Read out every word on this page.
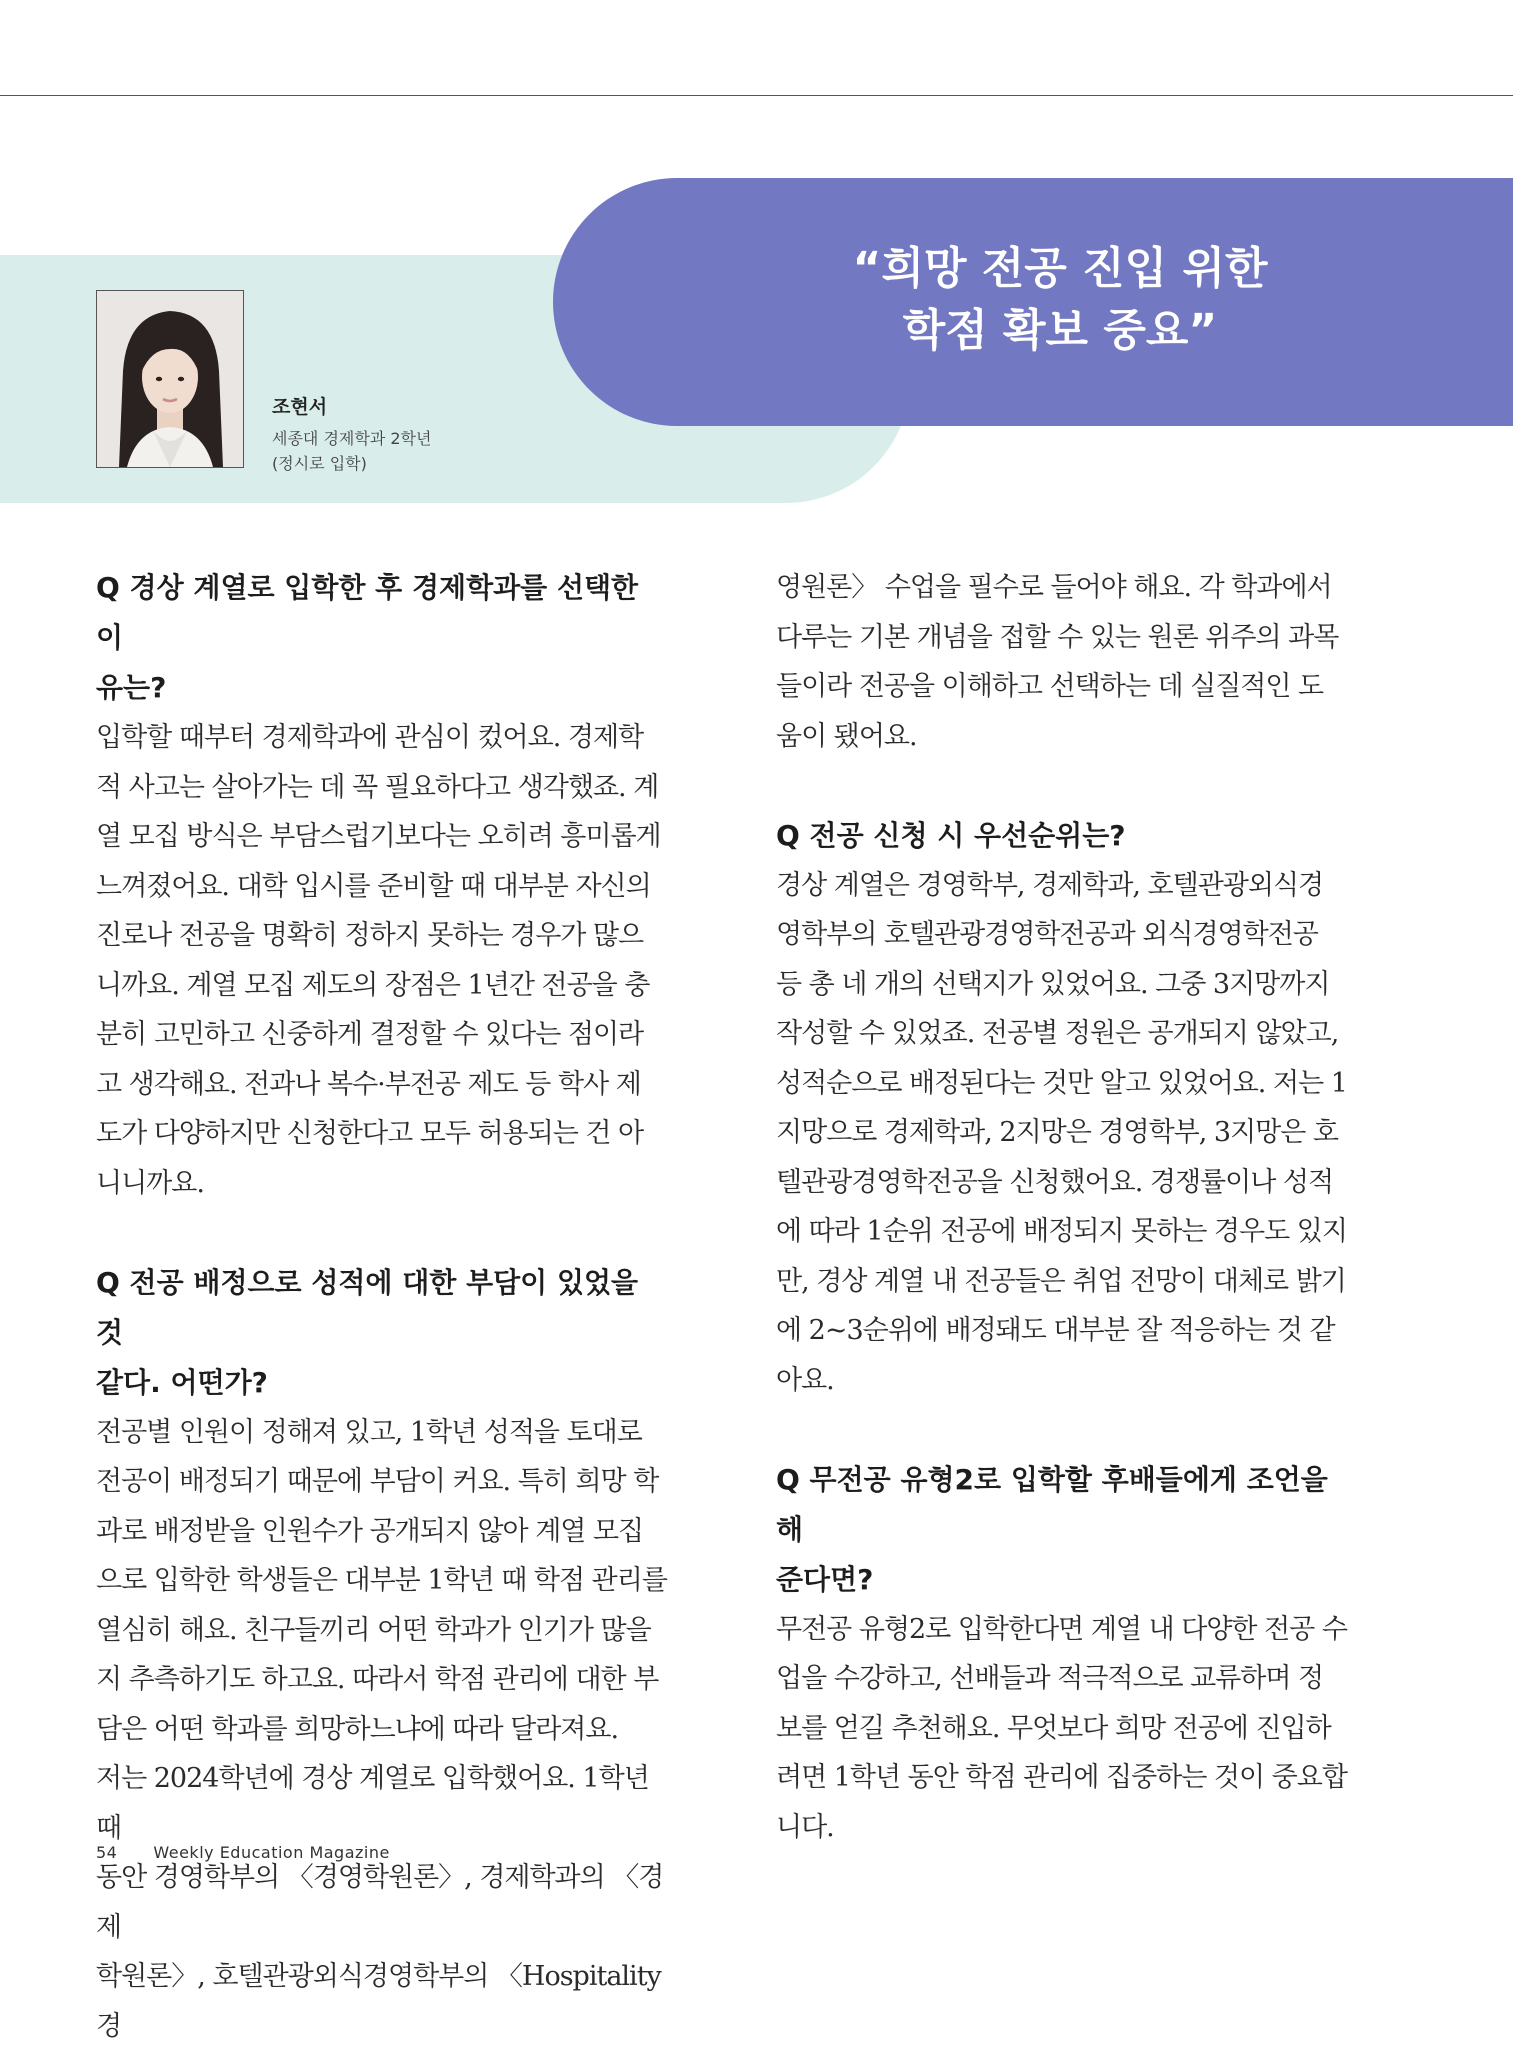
“희망 전공 진입 위한
학점 확보 중요”
조현서
세종대 경제학과 2학년
(정시로 입학)
Q 경상 계열로 입학한 후 경제학과를 선택한 이
유는?
입학할 때부터 경제학과에 관심이 컸어요. 경제학
적 사고는 살아가는 데 꼭 필요하다고 생각했죠. 계
열 모집 방식은 부담스럽기보다는 오히려 흥미롭게
느껴졌어요. 대학 입시를 준비할 때 대부분 자신의
진로나 전공을 명확히 정하지 못하는 경우가 많으
니까요. 계열 모집 제도의 장점은 1년간 전공을 충
분히 고민하고 신중하게 결정할 수 있다는 점이라
고 생각해요. 전과나 복수·부전공 제도 등 학사 제
도가 다양하지만 신청한다고 모두 허용되는 건 아
니니까요.
Q 전공 배정으로 성적에 대한 부담이 있었을 것
같다. 어떤가?
전공별 인원이 정해져 있고, 1학년 성적을 토대로
전공이 배정되기 때문에 부담이 커요. 특히 희망 학
과로 배정받을 인원수가 공개되지 않아 계열 모집
으로 입학한 학생들은 대부분 1학년 때 학점 관리를
열심히 해요. 친구들끼리 어떤 학과가 인기가 많을
지 추측하기도 하고요. 따라서 학점 관리에 대한 부
담은 어떤 학과를 희망하느냐에 따라 달라져요.
저는 2024학년에 경상 계열로 입학했어요. 1학년 때
동안 경영학부의 〈경영학원론〉, 경제학과의 〈경제
학원론〉, 호텔관광외식경영학부의 〈Hospitality 경
영원론〉 수업을 필수로 들어야 해요. 각 학과에서
다루는 기본 개념을 접할 수 있는 원론 위주의 과목
들이라 전공을 이해하고 선택하는 데 실질적인 도
움이 됐어요.
Q 전공 신청 시 우선순위는?
경상 계열은 경영학부, 경제학과, 호텔관광외식경
영학부의 호텔관광경영학전공과 외식경영학전공
등 총 네 개의 선택지가 있었어요. 그중 3지망까지
작성할 수 있었죠. 전공별 정원은 공개되지 않았고,
성적순으로 배정된다는 것만 알고 있었어요. 저는 1
지망으로 경제학과, 2지망은 경영학부, 3지망은 호
텔관광경영학전공을 신청했어요. 경쟁률이나 성적
에 따라 1순위 전공에 배정되지 못하는 경우도 있지
만, 경상 계열 내 전공들은 취업 전망이 대체로 밝기
에 2~3순위에 배정돼도 대부분 잘 적응하는 것 같
아요.
Q 무전공 유형2로 입학할 후배들에게 조언을 해
준다면?
무전공 유형2로 입학한다면 계열 내 다양한 전공 수
업을 수강하고, 선배들과 적극적으로 교류하며 정
보를 얻길 추천해요. 무엇보다 희망 전공에 진입하
려면 1학년 동안 학점 관리에 집중하는 것이 중요합
니다.
54 Weekly Education Magazine
